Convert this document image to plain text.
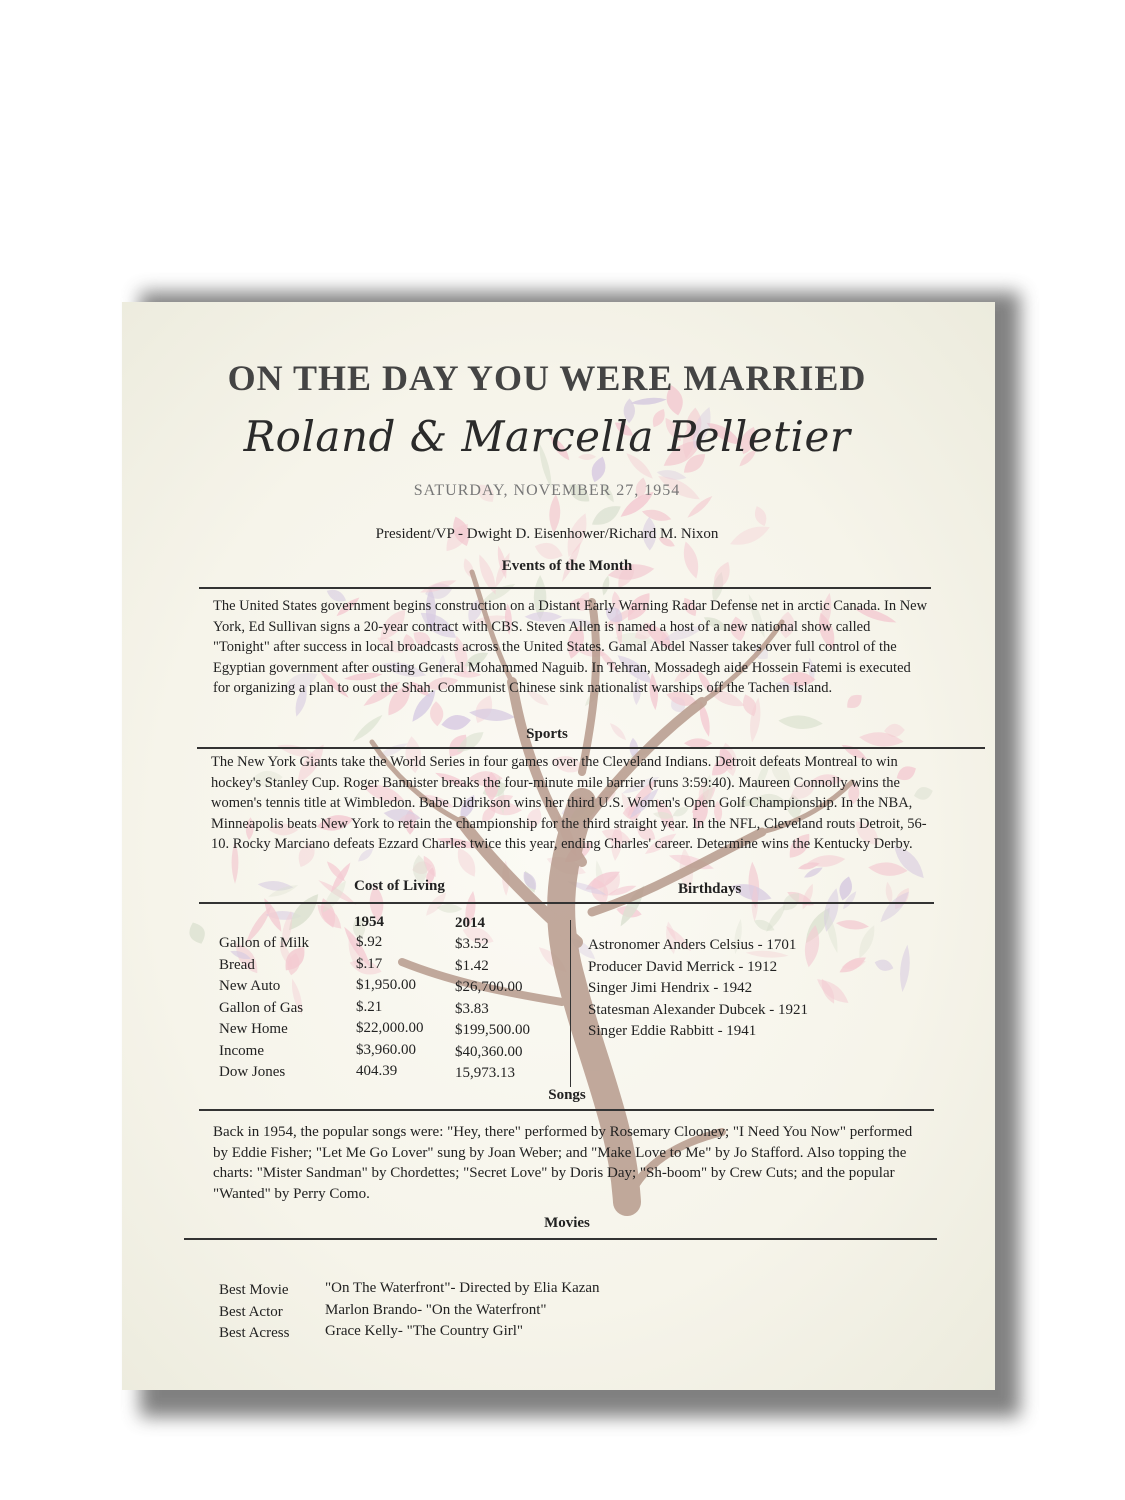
ON THE DAY YOU WERE MARRIED
Roland & Marcella Pelletier
SATURDAY, NOVEMBER 27, 1954
President/VP - Dwight D. Eisenhower/Richard M. Nixon
Events of the Month

The United States government begins construction on a Distant Early Warning Radar Defense net in arctic Canada. In New York, Ed Sullivan signs a 20-year contract with CBS. Steven Allen is named a host of a new national show called "Tonight" after success in local broadcasts across the United States. Gamal Abdel Nasser takes over full control of the Egyptian government after ousting General Mohammed Naguib. In Tehran, Mossadegh aide Hossein Fatemi is executed for organizing a plan to oust the Shah. Communist Chinese sink nationalist warships off the Tachen Island.

Sports

The New York Giants take the World Series in four games over the Cleveland Indians. Detroit defeats Montreal to win hockey's Stanley Cup. Roger Bannister breaks the four-minute mile barrier (runs 3:59:40). Maureen Connolly wins the women's tennis title at Wimbledon. Babe Didrikson wins her third U.S. Women's Open Golf Championship. In the NBA, Minneapolis beats New York to retain the championship for the third straight year. In the NFL, Cleveland routs Detroit, 56-10. Rocky Marciano defeats Ezzard Charles twice this year, ending Charles' career. Determine wins the Kentucky Derby.

Cost of Living	Birthdays
1954	2014
Gallon of Milk
Bread
New Auto
Gallon of Gas
New Home
Income
Dow Jones
$.92
$.17
$1,950.00
$.21
$22,000.00
$3,960.00
404.39
$3.52
$1.42
$26,700.00
$3.83
$199,500.00
$40,360.00
15,973.13
Astronomer Anders Celsius - 1701
Producer David Merrick - 1912
Singer Jimi Hendrix - 1942
Statesman Alexander Dubcek - 1921
Singer Eddie Rabbitt - 1941
Songs

Back in 1954, the popular songs were: "Hey, there" performed by Rosemary Clooney; "I Need You Now" performed by Eddie Fisher; "Let Me Go Lover" sung by Joan Weber; and "Make Love to Me" by Jo Stafford. Also topping the charts: "Mister Sandman" by Chordettes; "Secret Love" by Doris Day; "Sh-boom" by Crew Cuts; and the popular "Wanted" by Perry Como.

Movies
Best Movie
Best Actor
Best Acress
"On The Waterfront"- Directed by Elia Kazan
Marlon Brando- "On the Waterfront"
Grace Kelly- "The Country Girl"
